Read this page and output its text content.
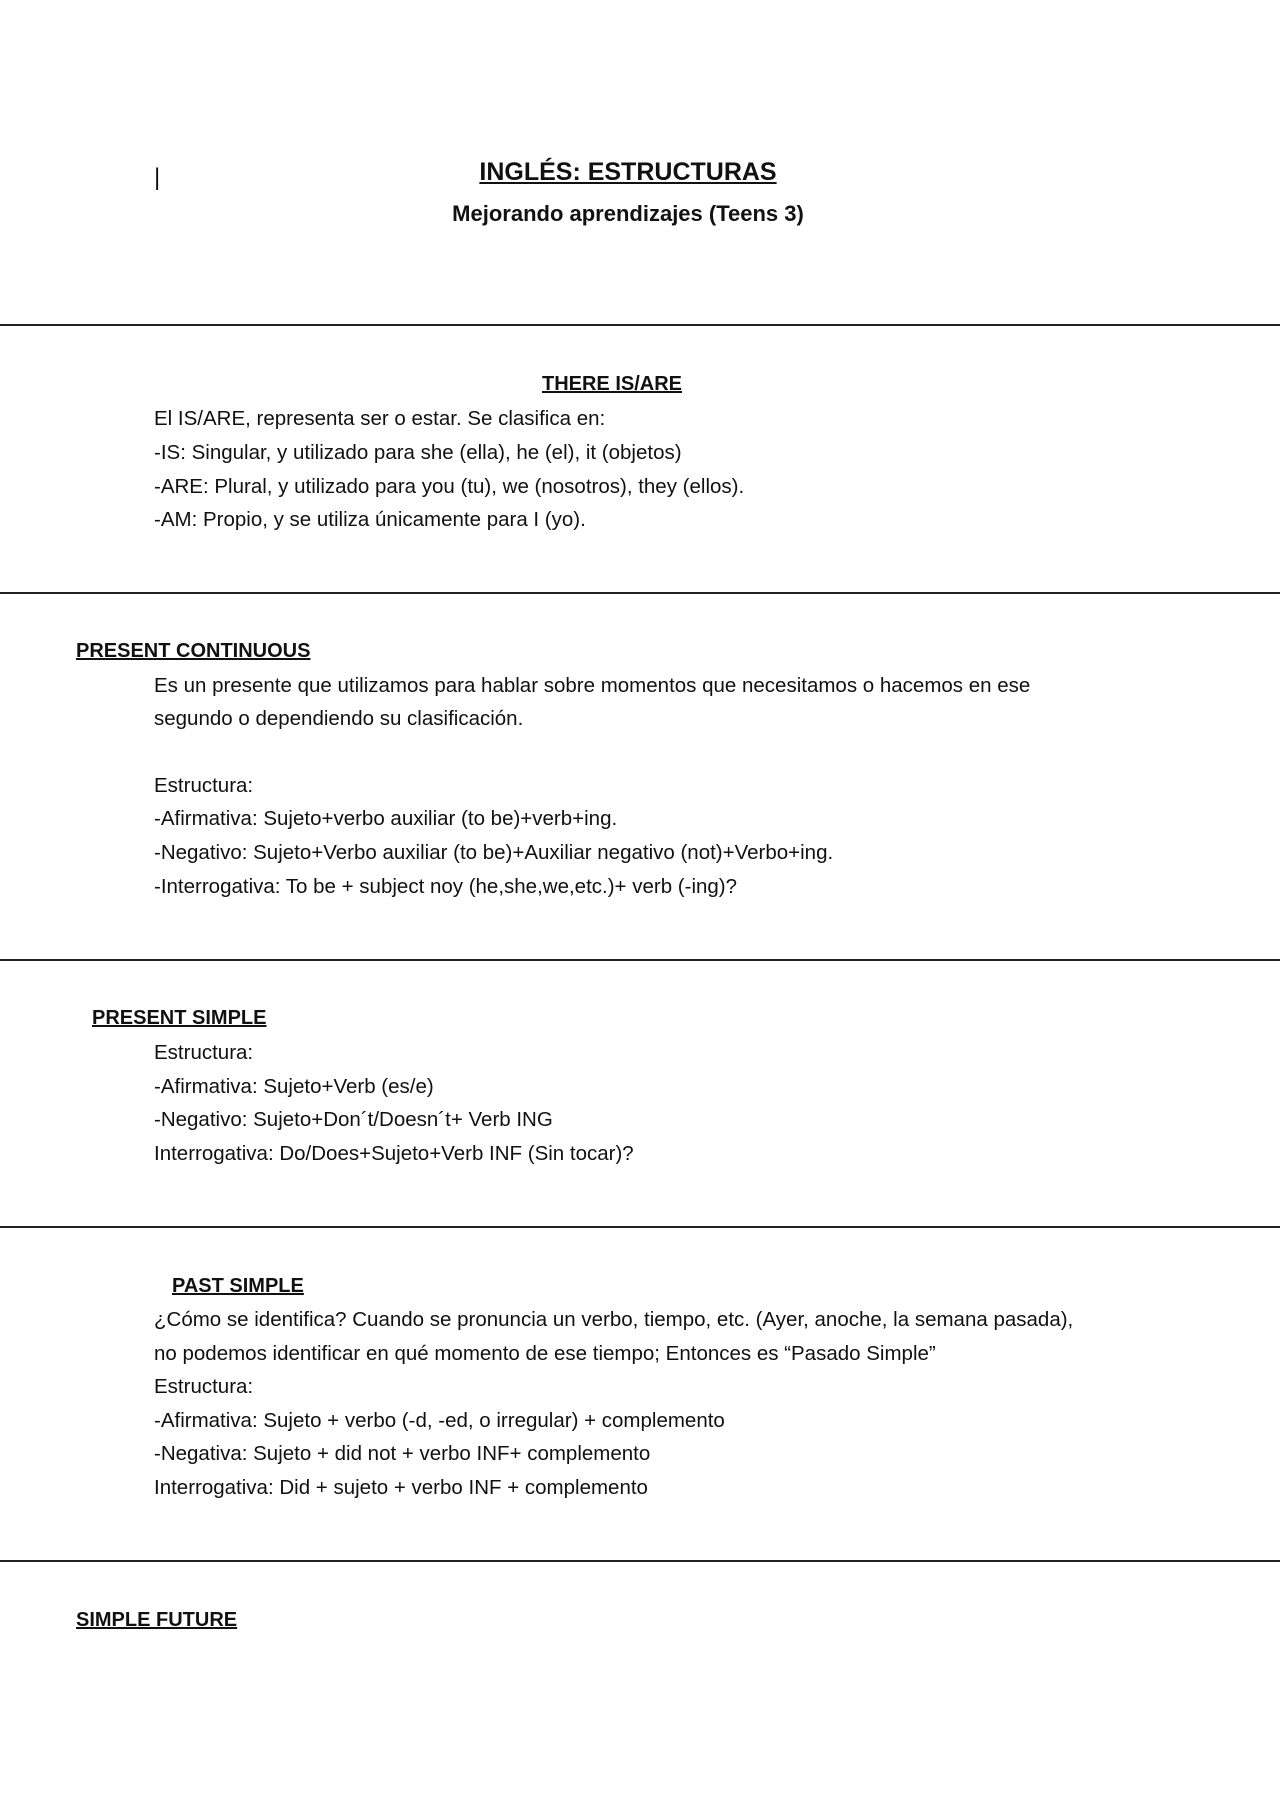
|	INGLÉS: ESTRUCTURAS
Mejorando aprendizajes (Teens 3)
THERE IS/ARE

El IS/ARE, representa ser o estar. Se clasifica en:

-IS: Singular, y utilizado para she (ella), he (el), it (objetos)

-ARE: Plural, y utilizado para you (tu), we (nosotros), they (ellos).

-AM: Propio, y se utiliza únicamente para I (yo).

PRESENT CONTINUOUS

Es un presente que utilizamos para hablar sobre momentos que necesitamos o hacemos en ese

segundo o dependiendo su clasificación.

Estructura:

-Afirmativa: Sujeto+verbo auxiliar (to be)+verb+ing.

-Negativo: Sujeto+Verbo auxiliar (to be)+Auxiliar negativo (not)+Verbo+ing.

-Interrogativa: To be + subject noy (he,she,we,etc.)+ verb (-ing)?

PRESENT SIMPLE

Estructura:

-Afirmativa: Sujeto+Verb (es/e)

-Negativo: Sujeto+Don´t/Doesn´t+ Verb ING

Interrogativa: Do/Does+Sujeto+Verb INF (Sin tocar)?

PAST SIMPLE

¿Cómo se identifica? Cuando se pronuncia un verbo, tiempo, etc. (Ayer, anoche, la semana pasada),

no podemos identificar en qué momento de ese tiempo; Entonces es “Pasado Simple”

Estructura:

-Afirmativa: Sujeto + verbo (-d, -ed, o irregular) + complemento

-Negativa: Sujeto + did not + verbo INF+ complemento

Interrogativa: Did + sujeto + verbo INF + complemento

SIMPLE FUTURE
